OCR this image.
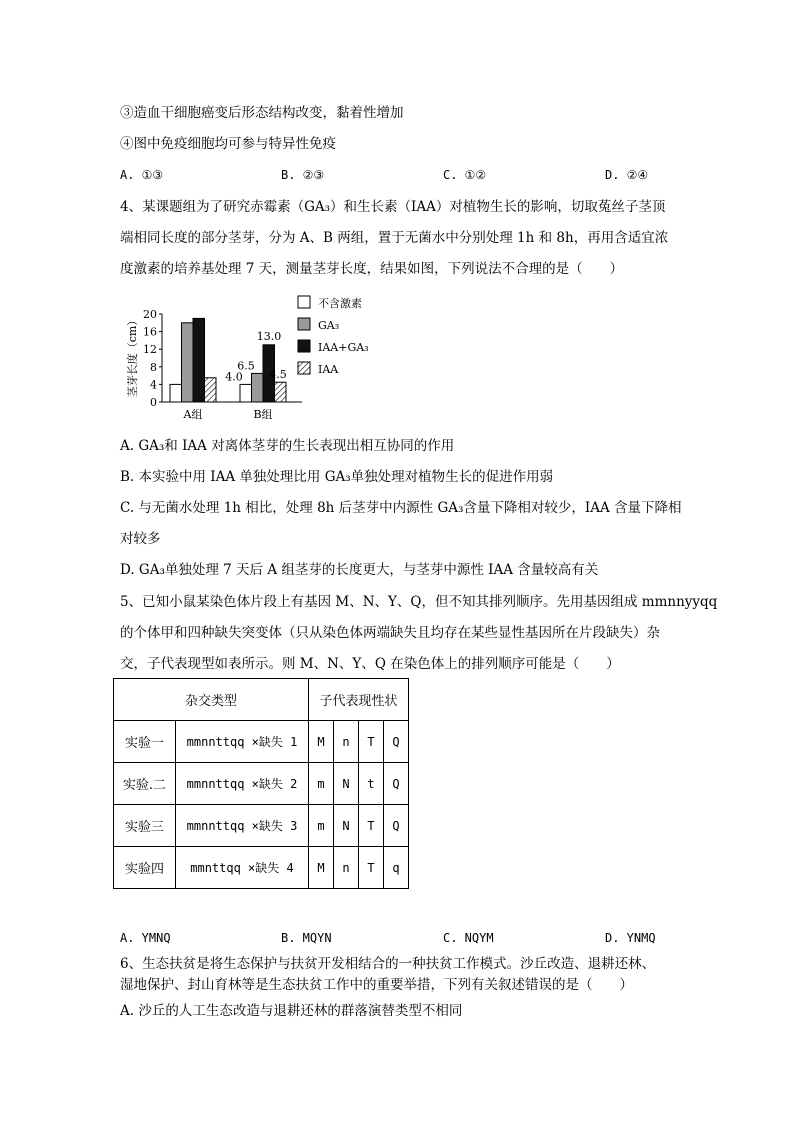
③造血干细胞癌变后形态结构改变，黏着性增加
④图中免疫细胞均可参与特异性免疫
A. ①③	B. ②③	C. ①②	D. ②④
4、某课题组为了研究赤霉素（GA₃）和生长素（IAA）对植物生长的影响，切取菟丝子茎顶
端相同长度的部分茎芽，分为 A、B 两组，置于无菌水中分别处理 1h 和 8h，再用含适宜浓
度激素的培养基处理 7 天，测量茎芽长度，结果如图，下列说法不合理的是（　　）
茎芽长度（cm）
0
4
8
12
16
20
4.0
6.5
13.0
4.5
A组	B组
不含激素
GA₃
IAA+GA₃
IAA
A. GA₃和 IAA 对离体茎芽的生长表现出相互协同的作用
B. 本实验中用 IAA 单独处理比用 GA₃单独处理对植物生长的促进作用弱
C. 与无菌水处理 1h 相比，处理 8h 后茎芽中内源性 GA₃含量下降相对较少，IAA 含量下降相
对较多
D. GA₃单独处理 7 天后 A 组茎芽的长度更大，与茎芽中源性 IAA 含量较高有关
5、已知小鼠某染色体片段上有基因 M、N、Y、Q，但不知其排列顺序。先用基因组成 mmnnyyqq
的个体甲和四种缺失突变体（只从染色体两端缺失且均存在某些显性基因所在片段缺失）杂
交，子代表现型如表所示。则 M、N、Y、Q 在染色体上的排列顺序可能是（　　）
杂交类型		子代表现性状			
实验一	mmnnttqq ×缺失 1	M	n	T	Q
实验.二	mmnnttqq ×缺失 2	m	N	t	Q
实验三	mmnnttqq ×缺失 3	m	N	T	Q
实验四	mmnttqq ×缺失 4	M	n	T	q
A. YMNQ	B. MQYN	C. NQYM	D. YNMQ
6、生态扶贫是将生态保护与扶贫开发相结合的一种扶贫工作模式。沙丘改造、退耕还林、
湿地保护、封山育林等是生态扶贫工作中的重要举措，下列有关叙述错误的是（　　）
A. 沙丘的人工生态改造与退耕还林的群落演替类型不相同
